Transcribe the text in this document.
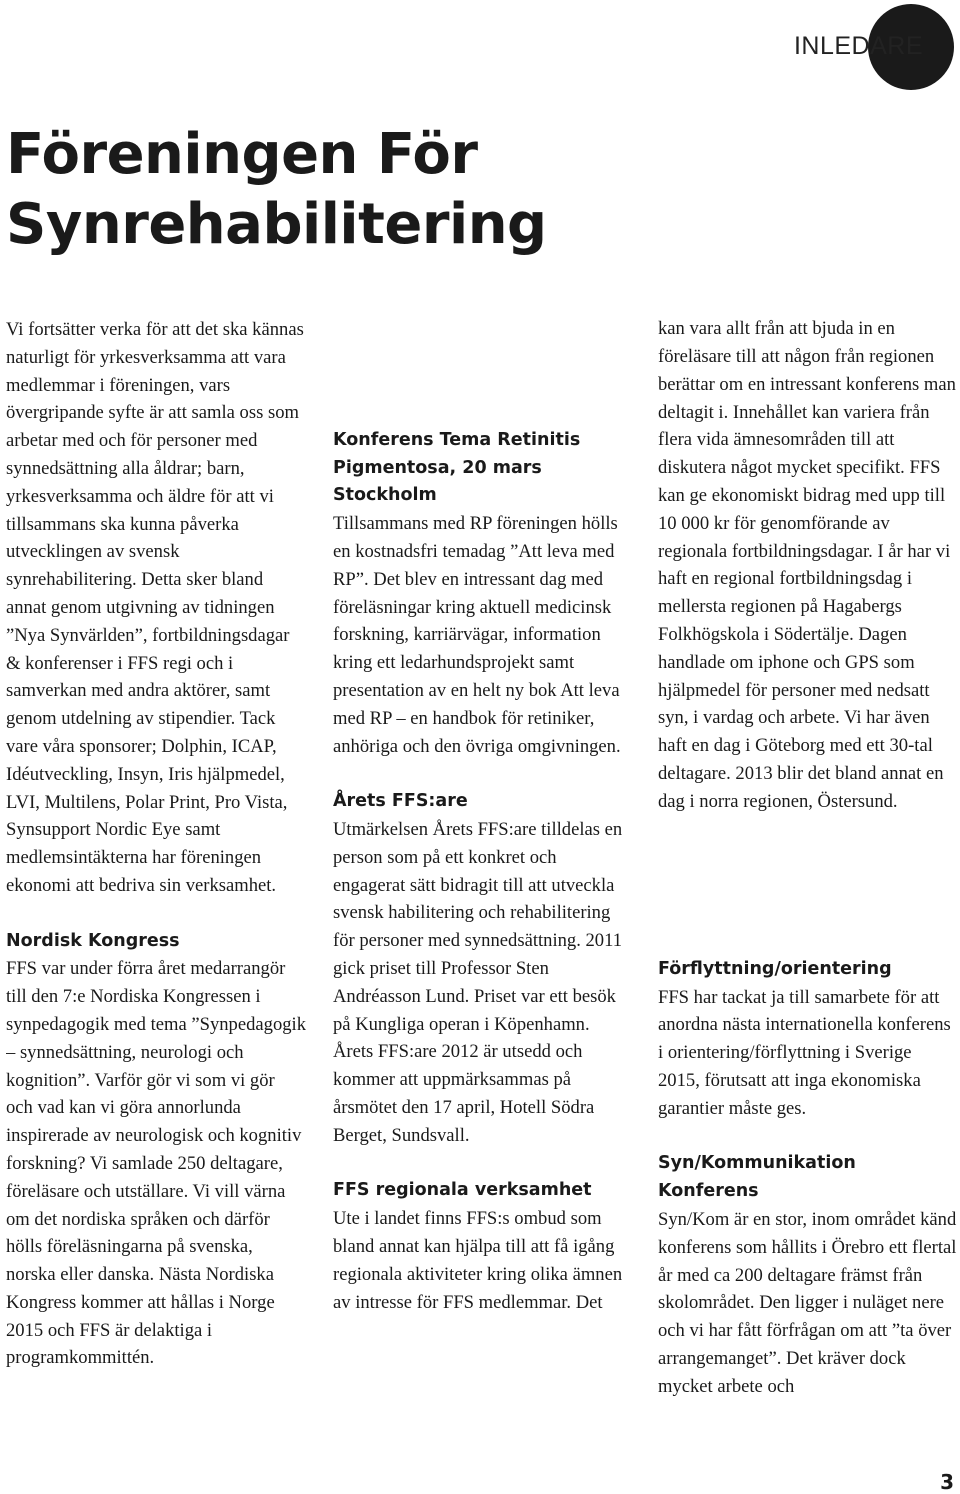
INLEDARE
Föreningen För Synrehabilitering

Vi fortsätter verka för att det ska kännas naturligt för yrkesverksamma att vara medlemmar i föreningen, vars övergripande syfte är att samla oss som arbetar med och för personer med synnedsättning alla åldrar; barn, yrkesverksamma och äldre för att vi tillsammans ska kunna påverka utvecklingen av svensk synrehabilitering. Detta sker bland annat genom utgivning av tidningen ”Nya Synvärlden”, fortbildningsdagar & konferenser i FFS regi och i samverkan med andra aktörer, samt genom utdelning av stipendier. Tack vare våra sponsorer; Dolphin, ICAP, Idéutveckling, Insyn, Iris hjälpmedel, LVI, Multilens, Polar Print, Pro Vista, Synsupport Nordic Eye samt medlemsintäkterna har föreningen ekonomi att bedriva sin verksamhet.

Nordisk Kongress

FFS var under förra året medarrangör till den 7:e Nordiska Kongressen i synpedagogik med tema ”Synpedagogik – synnedsättning, neurologi och kognition”. Varför gör vi som vi gör och vad kan vi göra annorlunda inspirerade av neurologisk och kognitiv forskning? Vi samlade 250 deltagare, föreläsare och utställare. Vi vill värna om det nordiska språken och därför hölls föreläsningarna på svenska, norska eller danska. Nästa Nordiska Kongress kommer att hållas i Norge 2015 och FFS är delaktiga i programkommittén.

Konferens Tema Retinitis Pigmentosa, 20 mars Stockholm

Tillsammans med RP föreningen hölls en kostnadsfri temadag ”Att leva med RP”. Det blev en intressant dag med föreläsningar kring aktuell medicinsk forskning, karriärvägar, information kring ett ledarhundsprojekt samt presentation av en helt ny bok Att leva med RP – en handbok för retiniker, anhöriga och den övriga omgivningen.

Årets FFS:are

Utmärkelsen Årets FFS:are tilldelas en person som på ett konkret och engagerat sätt bidragit till att utveckla svensk habilitering och rehabilitering för personer med synnedsättning. 2011 gick priset till Professor Sten Andréasson Lund. Priset var ett besök på Kungliga operan i Köpenhamn. Årets FFS:are 2012 är utsedd och kommer att uppmärksammas på årsmötet den 17 april, Hotell Södra Berget, Sundsvall.

FFS regionala verksamhet

Ute i landet finns FFS:s ombud som bland annat kan hjälpa till att få igång regionala aktiviteter kring olika ämnen av intresse för FFS medlemmar. Det

kan vara allt från att bjuda in en föreläsare till att någon från regionen berättar om en intressant konferens man deltagit i. Innehållet kan variera från flera vida ämnesområden till att diskutera något mycket specifikt. FFS kan ge ekonomiskt bidrag med upp till 10 000 kr för genomförande av regionala fortbildningsdagar. I år har vi haft en regional fortbildningsdag i mellersta regionen på Hagabergs Folkhögskola i Södertälje. Dagen handlade om iphone och GPS som hjälpmedel för personer med nedsatt syn, i vardag och arbete. Vi har även haft en dag i Göteborg med ett 30-tal deltagare. 2013 blir det bland annat en dag i norra regionen, Östersund.

Förflyttning/orientering

FFS har tackat ja till samarbete för att anordna nästa internationella konferens i orientering/förflyttning i Sverige 2015, förutsatt att inga ekonomiska garantier måste ges.

Syn/Kommunikation Konferens

Syn/Kom är en stor, inom området känd konferens som hållits i Örebro ett flertal år med ca 200 deltagare främst från skolområdet. Den ligger i nuläget nere och vi har fått förfrågan om att ”ta över arrangemanget”. Det kräver dock mycket arbete och

3
